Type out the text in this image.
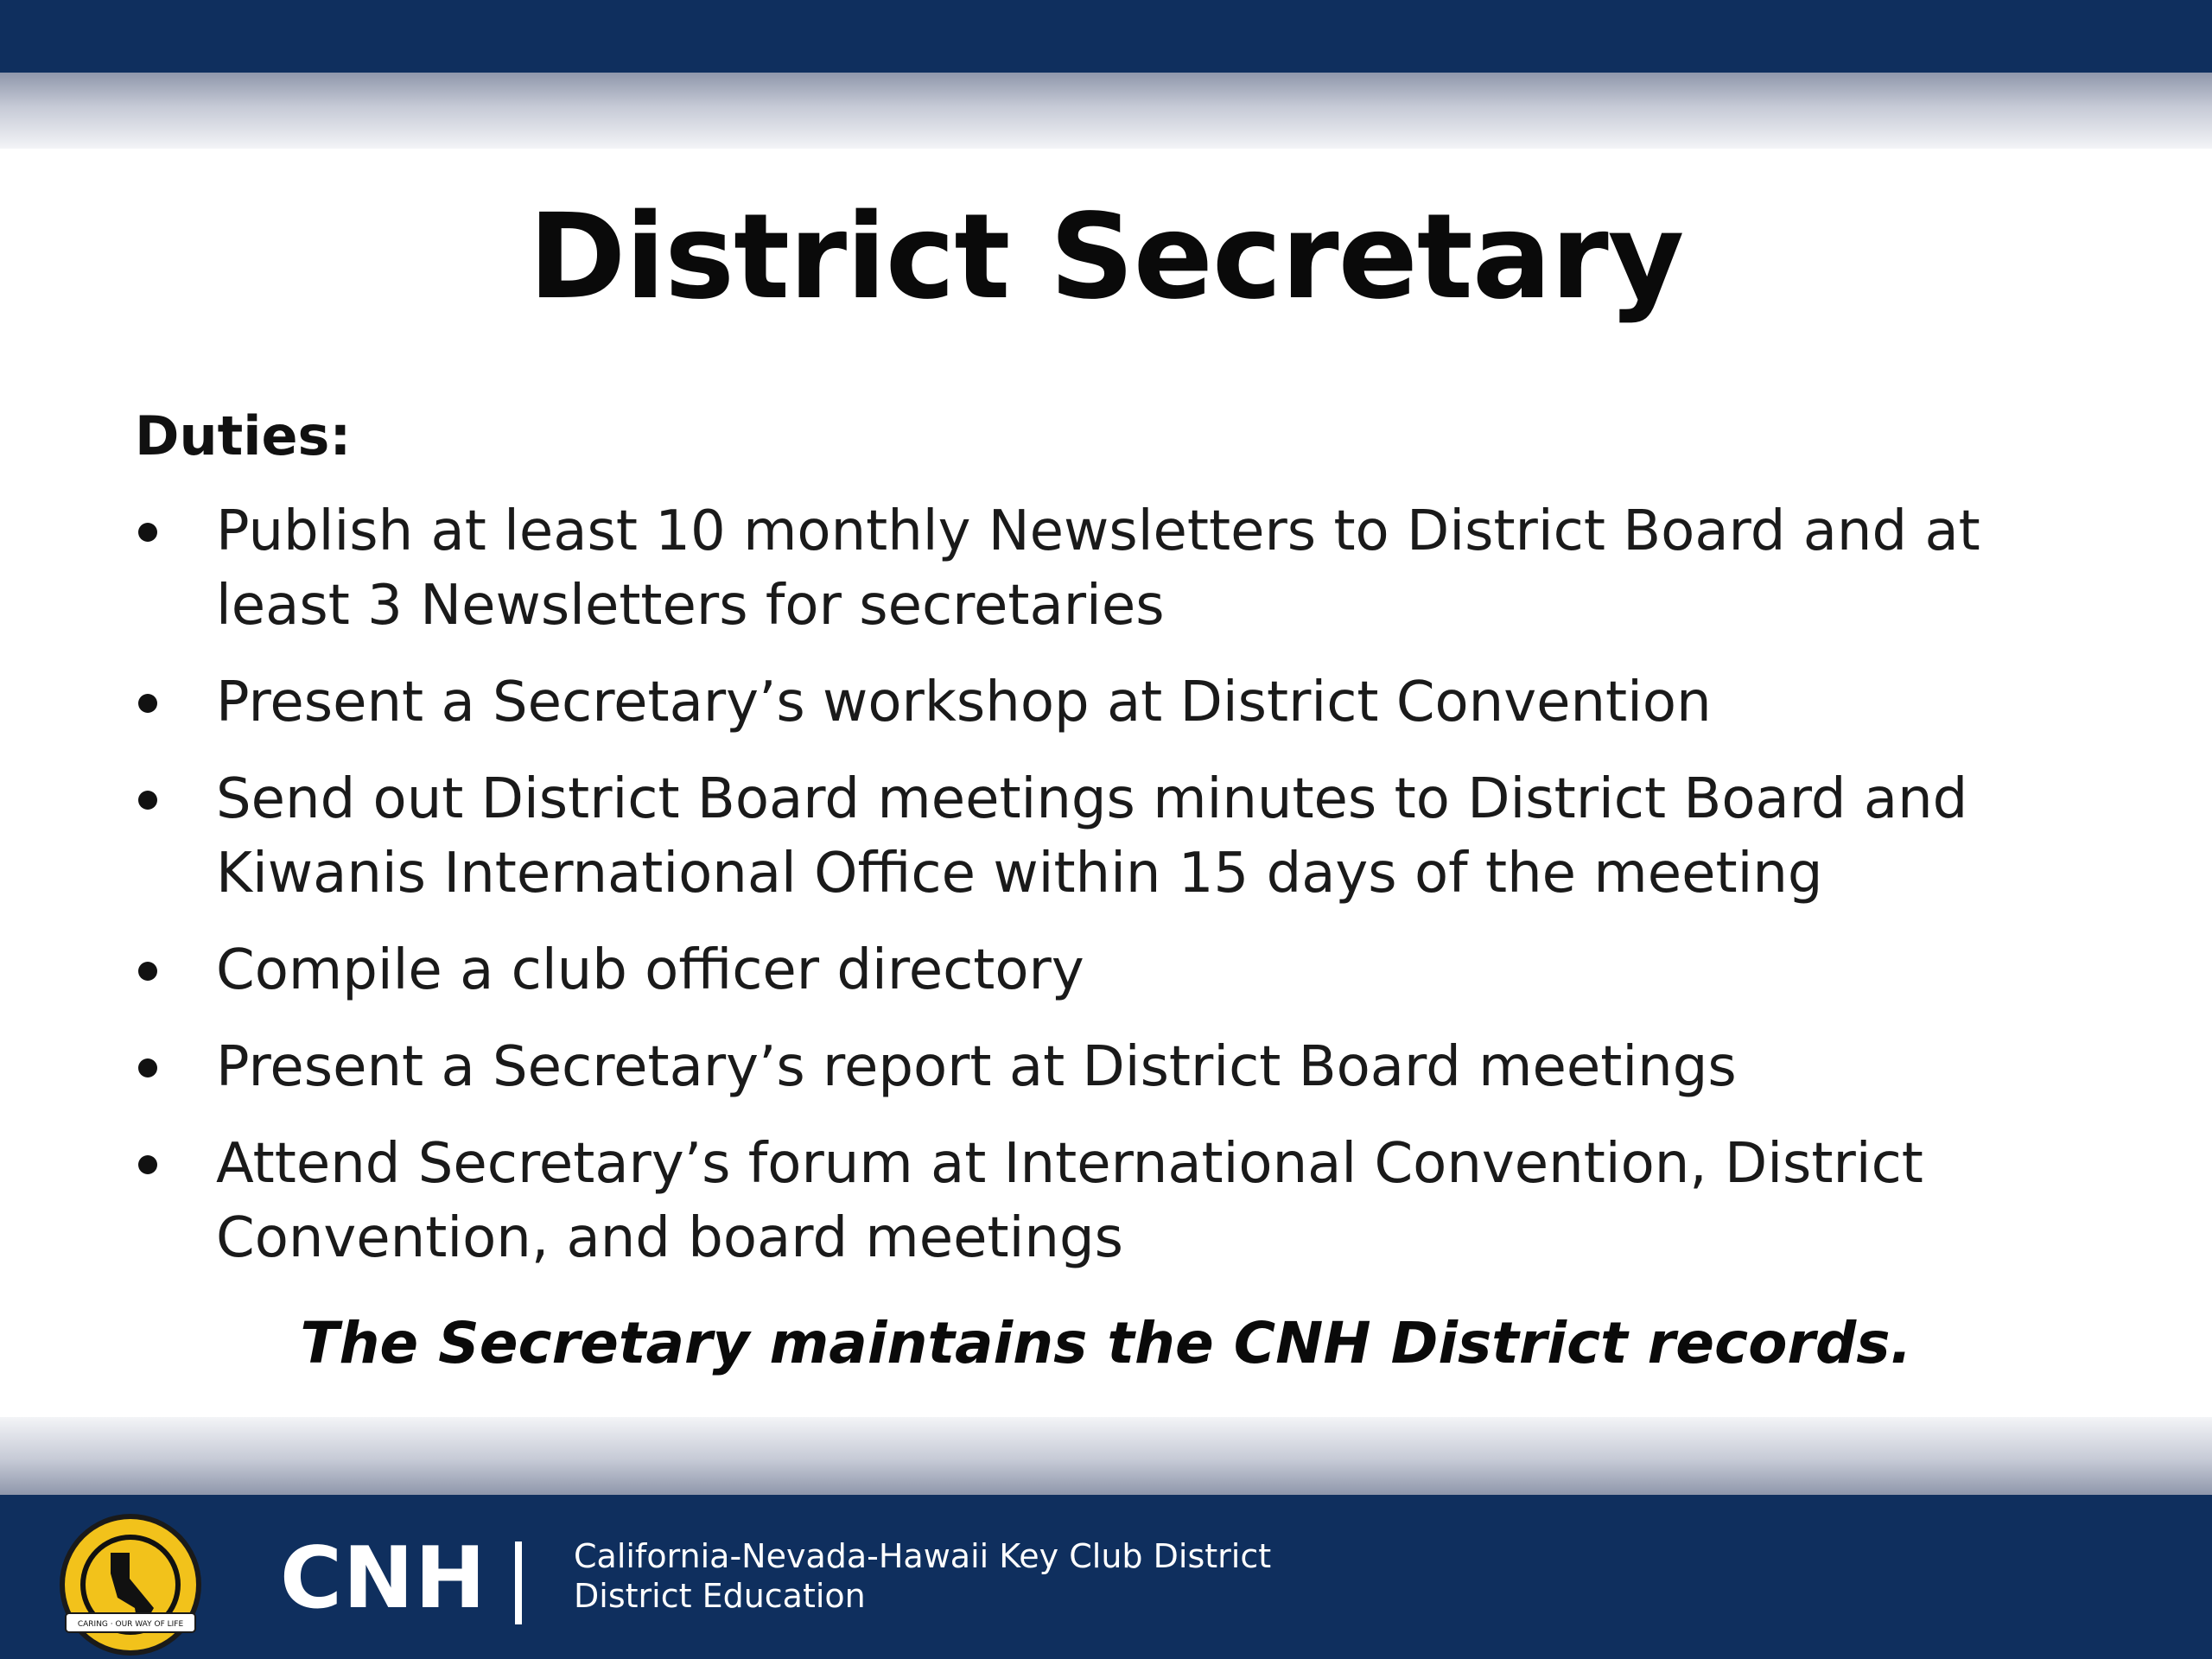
District Secretary
Duties:
Publish at least 10 monthly Newsletters to District Board and at least 3 Newsletters for secretaries
Present a Secretary’s workshop at District Convention
Send out District Board meetings minutes to District Board and Kiwanis International Office within 15 days of the meeting
Compile a club officer directory
Present a Secretary’s report at District Board meetings
Attend Secretary’s forum at International Convention, District Convention, and board meetings
The Secretary maintains the CNH District records.
CARING · OUR WAY OF LIFE CNH	California-Nevada-Hawaii Key Club District
District Education
